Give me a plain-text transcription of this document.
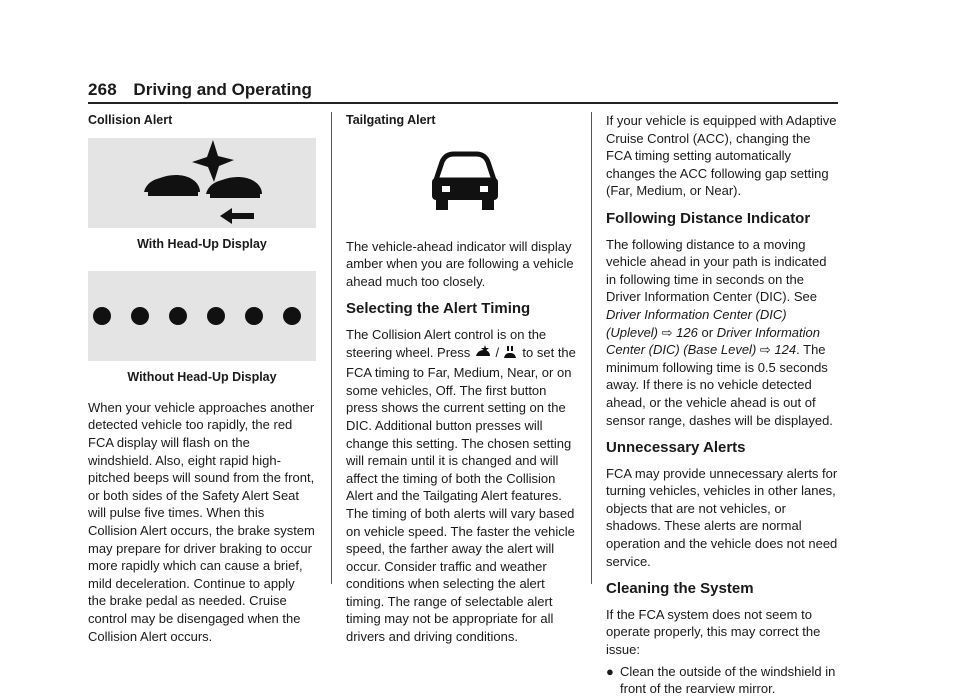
268 Driving and Operating
Collision Alert
With Head-Up Display
Without Head-Up Display

When your vehicle approaches another detected vehicle too rapidly, the red FCA display will flash on the windshield. Also, eight rapid high-pitched beeps will sound from the front, or both sides of the Safety Alert Seat will pulse five times. When this Collision Alert occurs, the brake system may prepare for driver braking to occur more rapidly which can cause a brief, mild deceleration. Continue to apply the brake pedal as needed. Cruise control may be disengaged when the Collision Alert occurs.

Tailgating Alert

The vehicle-ahead indicator will display amber when you are following a vehicle ahead much too closely.

Selecting the Alert Timing

The Collision Alert control is on the steering wheel. Press / to set the FCA timing to Far, Medium, Near, or on some vehicles, Off. The first button press shows the current setting on the DIC. Additional button presses will change this setting. The chosen setting will remain until it is changed and will affect the timing of both the Collision Alert and the Tailgating Alert features. The timing of both alerts will vary based on vehicle speed. The faster the vehicle speed, the farther away the alert will occur. Consider traffic and weather conditions when selecting the alert timing. The range of selectable alert timing may not be appropriate for all drivers and driving conditions.

If your vehicle is equipped with Adaptive Cruise Control (ACC), changing the FCA timing setting automatically changes the ACC following gap setting (Far, Medium, or Near).

Following Distance Indicator

The following distance to a moving vehicle ahead in your path is indicated in following time in seconds on the Driver Information Center (DIC). See Driver Information Center (DIC) (Uplevel) ⇨ 126 or Driver Information Center (DIC) (Base Level) ⇨ 124. The minimum following time is 0.5 seconds away. If there is no vehicle detected ahead, or the vehicle ahead is out of sensor range, dashes will be displayed.

Unnecessary Alerts

FCA may provide unnecessary alerts for turning vehicles, vehicles in other lanes, objects that are not vehicles, or shadows. These alerts are normal operation and the vehicle does not need service.

Cleaning the System

If the FCA system does not seem to operate properly, this may correct the issue:

● Clean the outside of the windshield in front of the rearview mirror.
